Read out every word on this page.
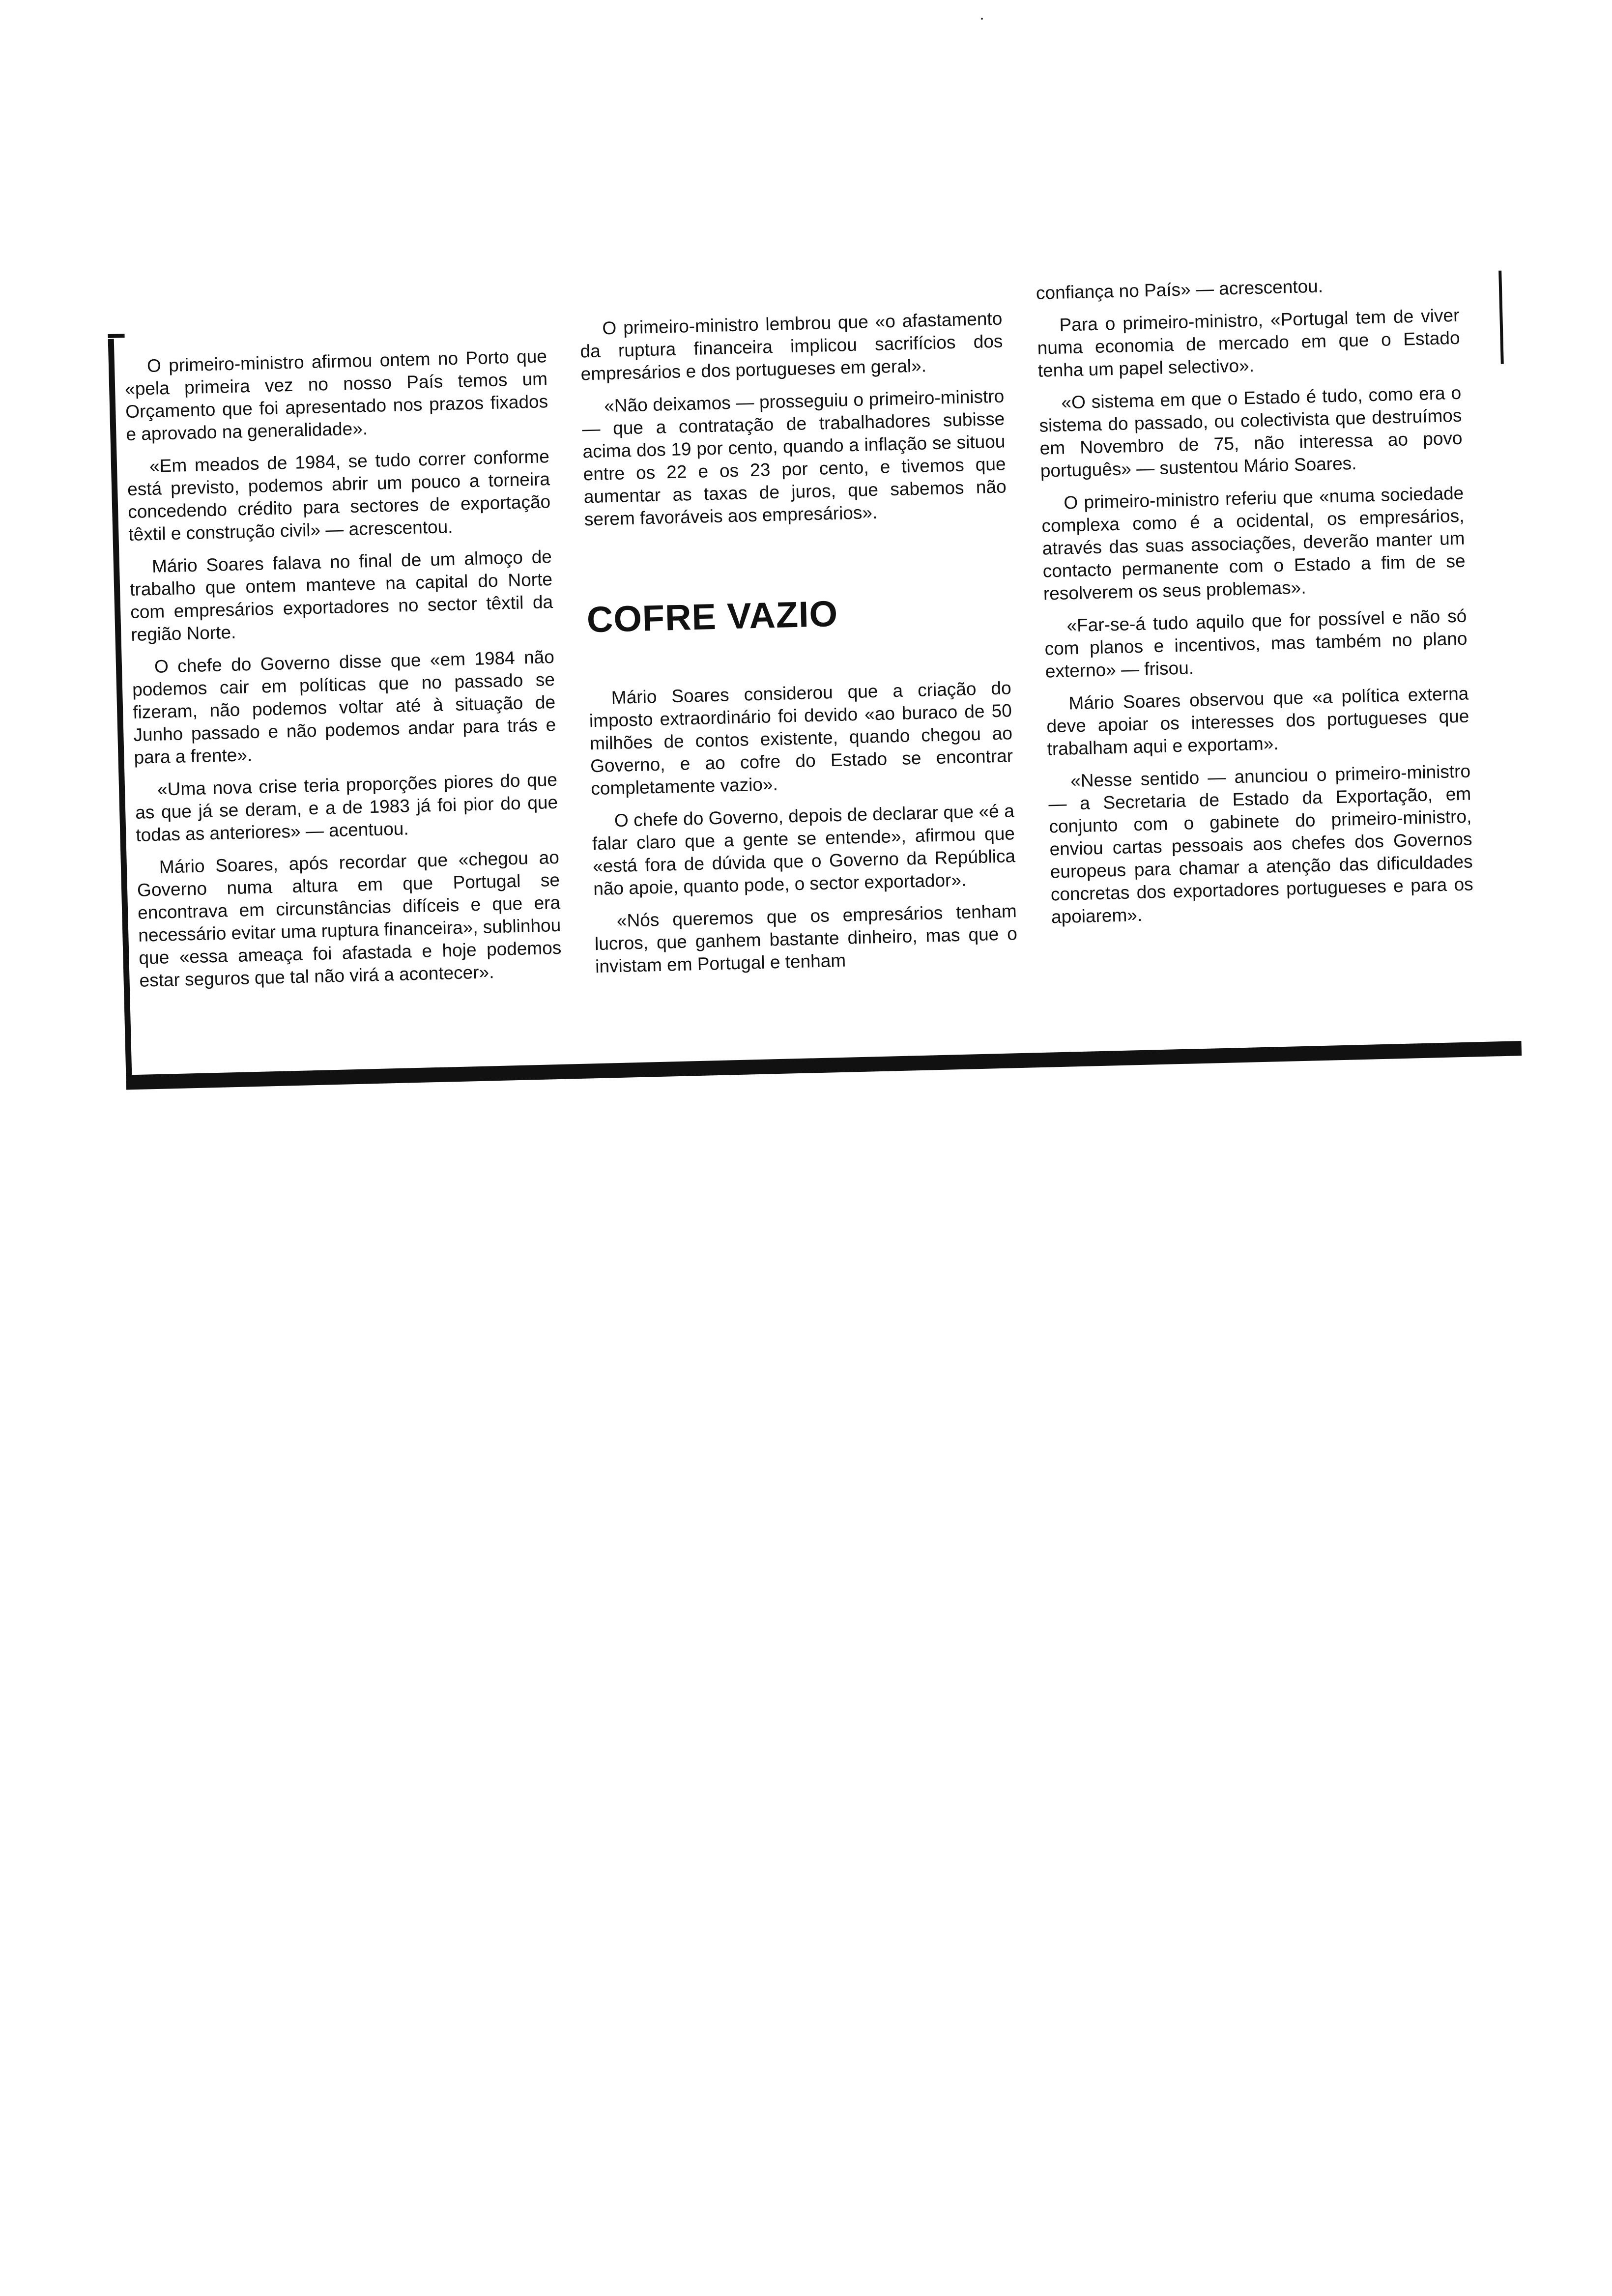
O primeiro-ministro afirmou ontem no Porto que «pela primeira vez no nosso País temos um Orçamento que foi apresentado nos prazos fixados e aprovado na generalidade».

«Em meados de 1984, se tudo correr conforme está previsto, podemos abrir um pouco a torneira concedendo crédito para sectores de exportação têxtil e construção civil» — acrescentou.

Mário Soares falava no final de um almoço de trabalho que ontem manteve na capital do Norte com empresários exportadores no sector têxtil da região Norte.

O chefe do Governo disse que «em 1984 não podemos cair em políticas que no passado se fizeram, não podemos voltar até à situação de Junho passado e não podemos andar para trás e para a frente».

«Uma nova crise teria proporções piores do que as que já se deram, e a de 1983 já foi pior do que todas as anteriores» — acentuou.

Mário Soares, após recordar que «chegou ao Governo numa altura em que Portugal se encontrava em circunstâncias difíceis e que era necessário evitar uma ruptura financeira», sublinhou que «essa ameaça foi afastada e hoje podemos estar seguros que tal não virá a acontecer».

O primeiro-ministro lembrou que «o afastamento da ruptura financeira implicou sacrifícios dos empresários e dos portugueses em geral».

«Não deixamos — prosseguiu o primeiro-ministro — que a contratação de trabalhadores subisse acima dos 19 por cento, quando a inflação se situou entre os 22 e os 23 por cento, e tivemos que aumentar as taxas de juros, que sabemos não serem favoráveis aos empresários».

COFRE VAZIO

Mário Soares considerou que a criação do imposto extraordinário foi devido «ao buraco de 50 milhões de contos existente, quando chegou ao Governo, e ao cofre do Estado se encontrar completamente vazio».

O chefe do Governo, depois de declarar que «é a falar claro que a gente se entende», afirmou que «está fora de dúvida que o Governo da República não apoie, quanto pode, o sector exportador».

«Nós queremos que os empresários tenham lucros, que ganhem bastante dinheiro, mas que o invistam em Portugal e tenham

confiança no País» — acrescentou.

Para o primeiro-ministro, «Portugal tem de viver numa economia de mercado em que o Estado tenha um papel selectivo».

«O sistema em que o Estado é tudo, como era o sistema do passado, ou colectivista que destruímos em Novembro de 75, não interessa ao povo português» — sustentou Mário Soares.

O primeiro-ministro referiu que «numa sociedade complexa como é a ocidental, os empresários, através das suas associações, deverão manter um contacto permanente com o Estado a fim de se resolverem os seus problemas».

«Far-se-á tudo aquilo que for possível e não só com planos e incentivos, mas também no plano externo» — frisou.

Mário Soares observou que «a política externa deve apoiar os interesses dos portugueses que trabalham aqui e exportam».

«Nesse sentido — anunciou o primeiro-ministro — a Secretaria de Estado da Exportação, em conjunto com o gabinete do primeiro-ministro, enviou cartas pessoais aos chefes dos Governos europeus para chamar a atenção das dificuldades concretas dos exportadores portugueses e para os apoiarem».
